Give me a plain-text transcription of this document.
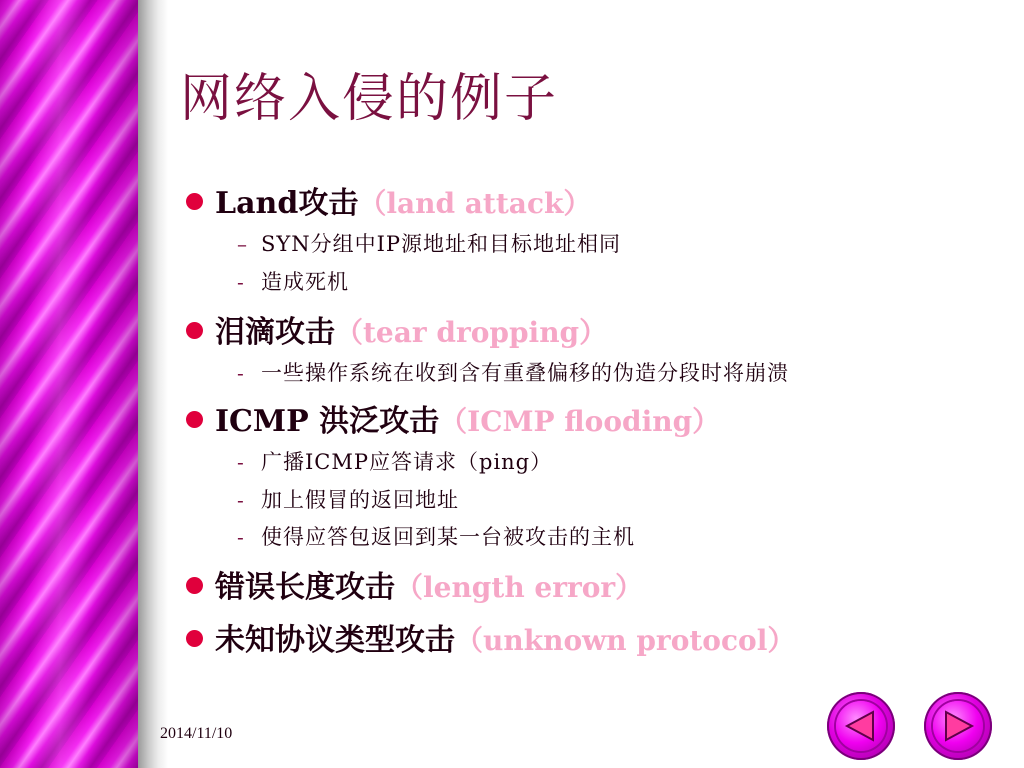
网络入侵的例子
Land攻击 （land attack）
– SYN分组中IP源地址和目标地址相同
- 造成死机
泪滴攻击 （tear dropping）
- 一些操作系统在收到含有重叠偏移的伪造分段时将崩溃
ICMP 洪泛攻击 （ICMP flooding）
- 广播ICMP应答请求（ping）
- 加上假冒的返回地址
- 使得应答包返回到某一台被攻击的主机
错误长度攻击 （length error）
未知协议类型攻击 （unknown protocol）
2014/11/10
